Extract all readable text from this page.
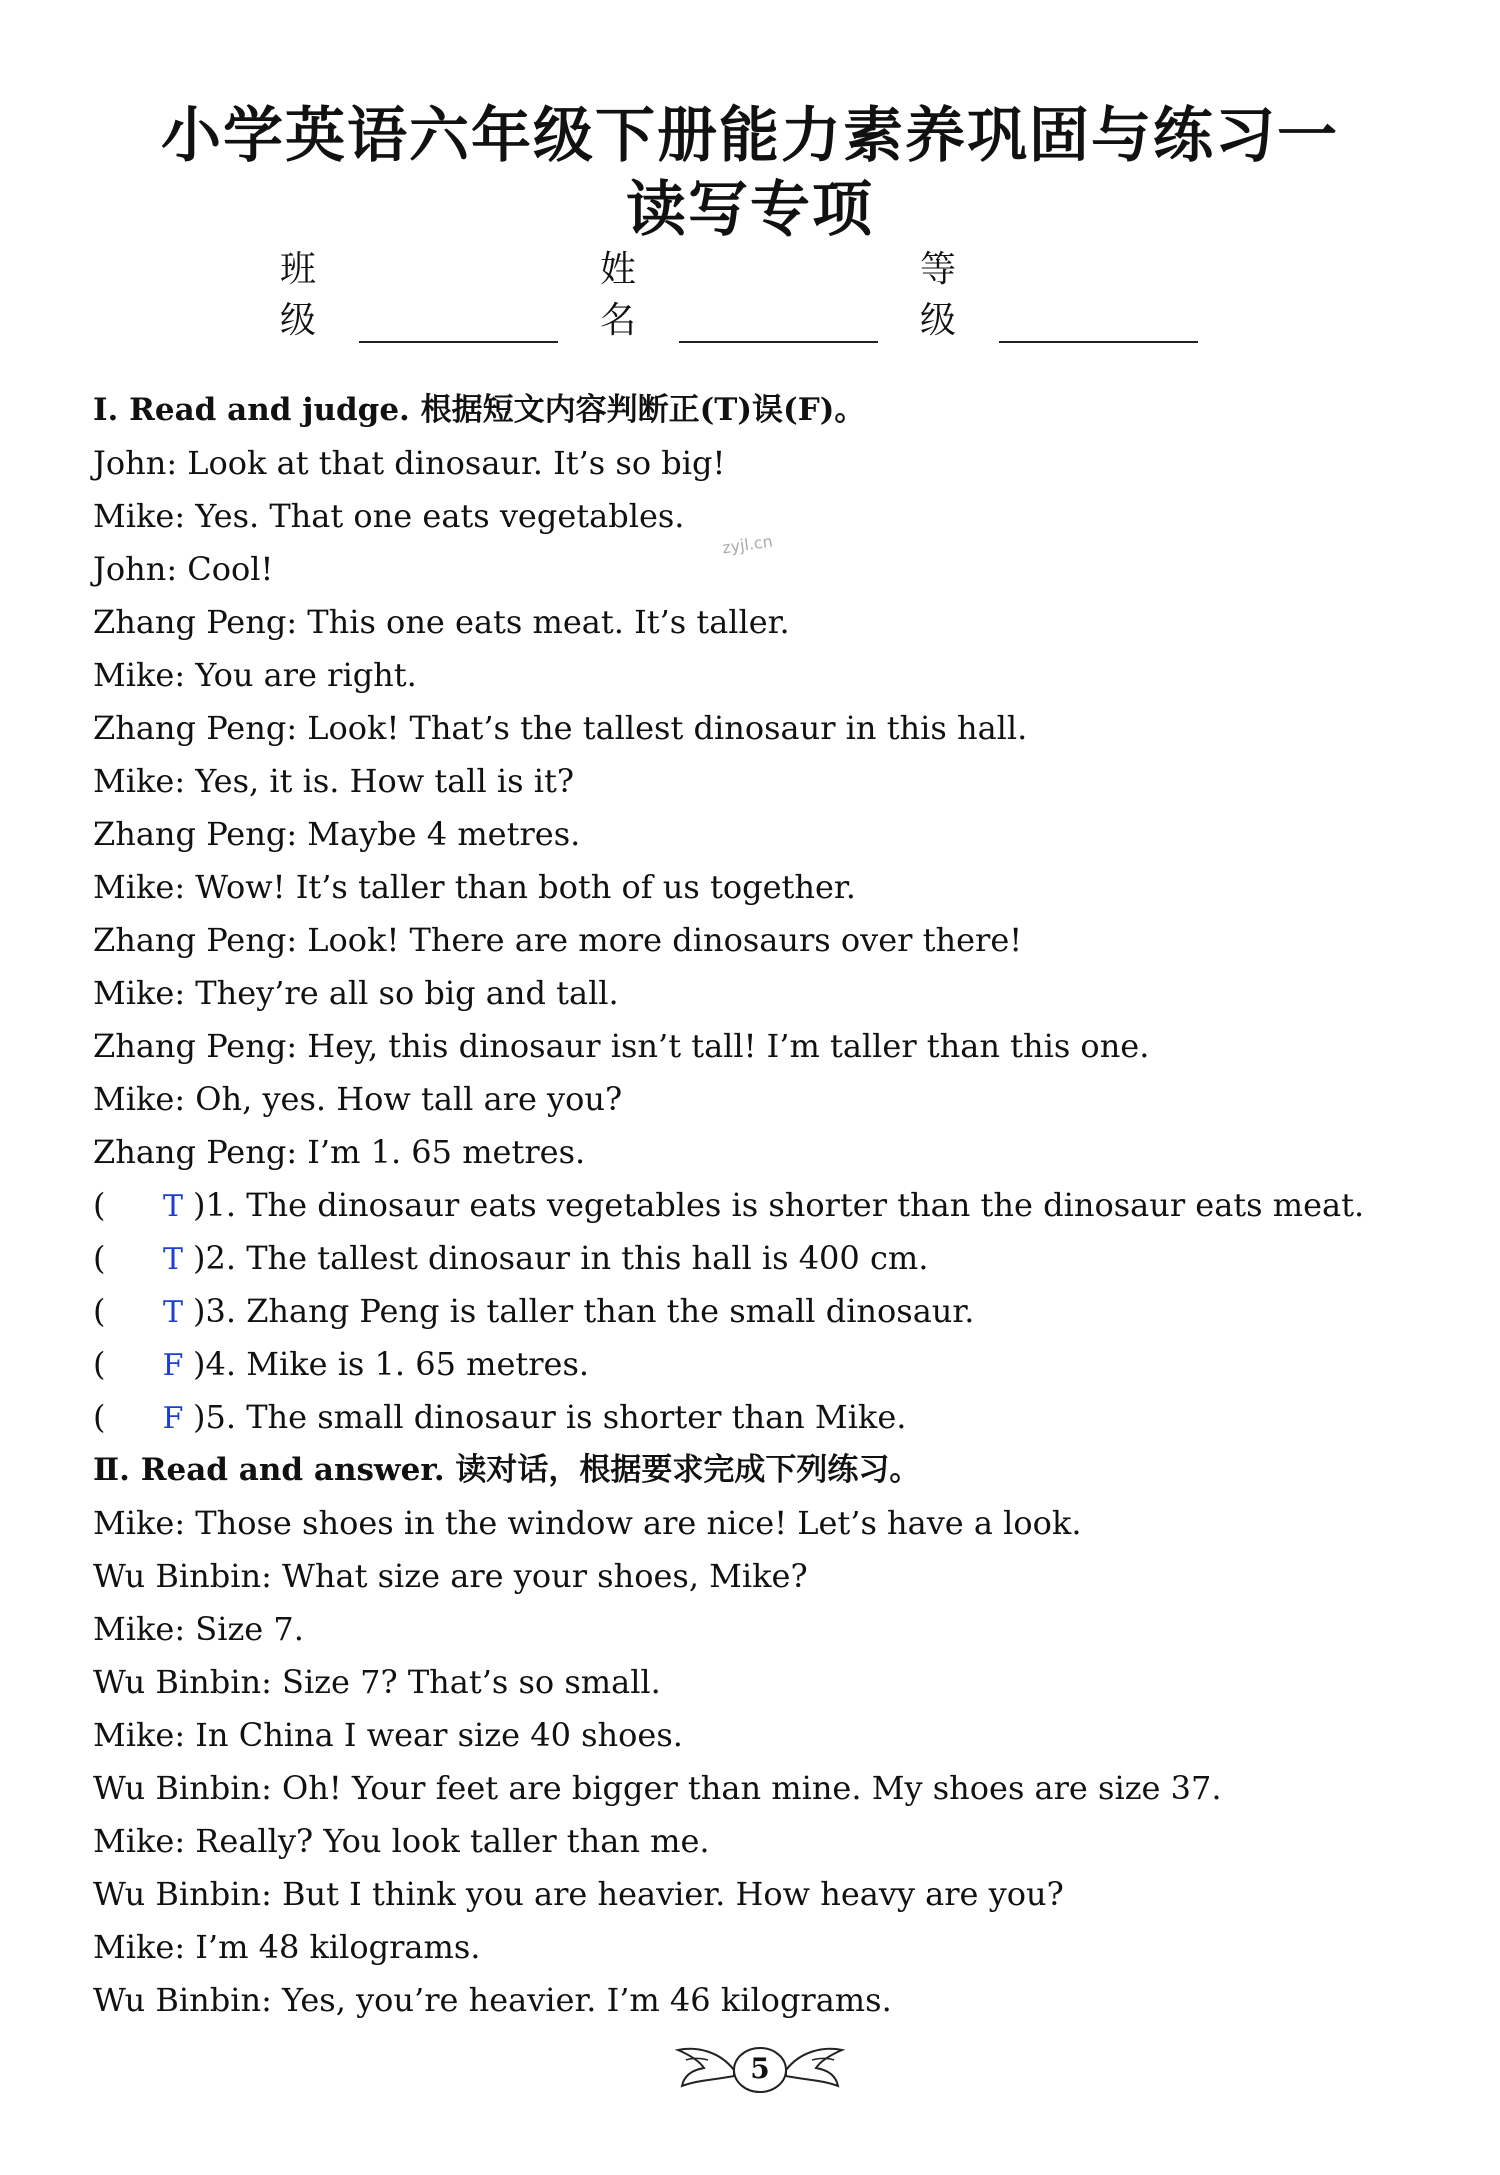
小学英语六年级下册能力素养巩固与练习一
读写专项
班级
姓名
等级
zyjl.cn
Ⅰ. Read and judge. 根据短文内容判断正(T)误(F)。
John: Look at that dinosaur. It’s so big!
Mike: Yes. That one eats vegetables.
John: Cool!
Zhang Peng: This one eats meat. It’s taller.
Mike: You are right.
Zhang Peng: Look! That’s the tallest dinosaur in this hall.
Mike: Yes, it is. How tall is it?
Zhang Peng: Maybe 4 metres.
Mike: Wow! It’s taller than both of us together.
Zhang Peng: Look! There are more dinosaurs over there!
Mike: They’re all so big and tall.
Zhang Peng: Hey, this dinosaur isn’t tall! I’m taller than this one.
Mike: Oh, yes. How tall are you?
Zhang Peng: I’m 1. 65 metres.
( T )1. The dinosaur eats vegetables is shorter than the dinosaur eats meat.
( T )2. The tallest dinosaur in this hall is 400 cm.
( T )3. Zhang Peng is taller than the small dinosaur.
( F )4. Mike is 1. 65 metres.
( F )5. The small dinosaur is shorter than Mike.
Ⅱ. Read and answer. 读对话，根据要求完成下列练习。
Mike: Those shoes in the window are nice! Let’s have a look.
Wu Binbin: What size are your shoes, Mike?
Mike: Size 7.
Wu Binbin: Size 7? That’s so small.
Mike: In China I wear size 40 shoes.
Wu Binbin: Oh! Your feet are bigger than mine. My shoes are size 37.
Mike: Really? You look taller than me.
Wu Binbin: But I think you are heavier. How heavy are you?
Mike: I’m 48 kilograms.
Wu Binbin: Yes, you’re heavier. I’m 46 kilograms.
5
